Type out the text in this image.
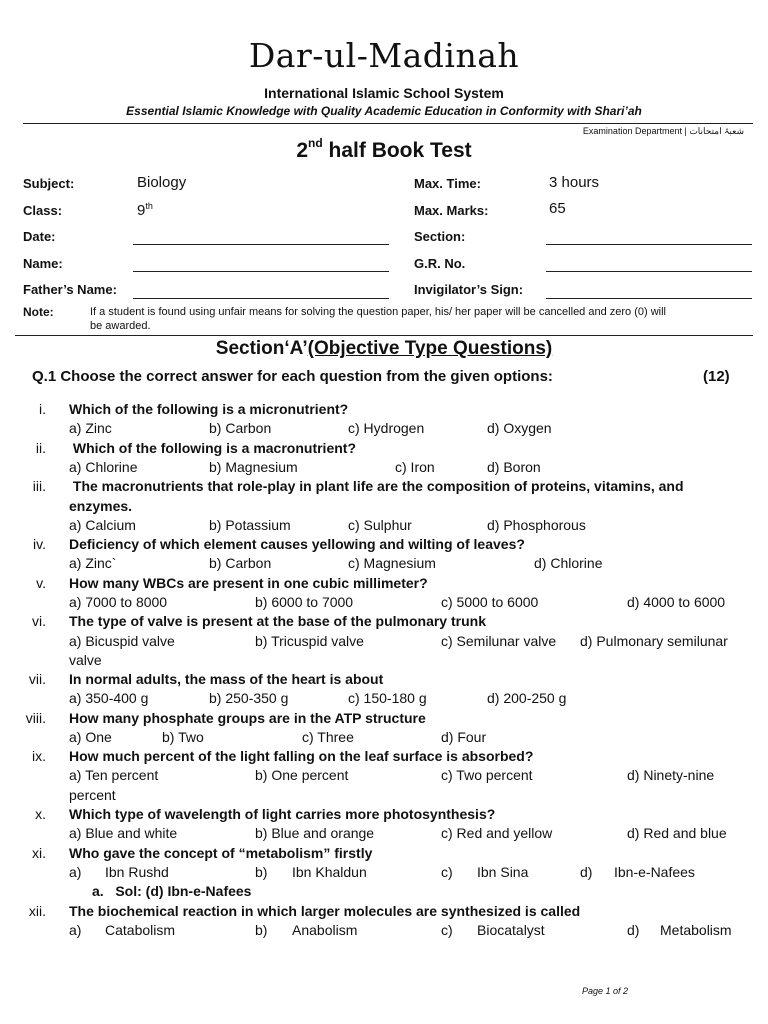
Dar-ul-Madinah
International Islamic School System
Essential Islamic Knowledge with Quality Academic Education in Conformity with Shari’ah
Examination Department | شعبۂ امتحانات
2nd half Book Test
Subject:	Biology
Class:	9th
Date:
Name:
Father’s Name:
Max. Time:	3 hours
Max. Marks:	65
Section:
G.R. No.
Invigilator’s Sign:
Note:	If a student is found using unfair means for solving the question paper, his/ her paper will be cancelled and zero (0) will
be awarded.
Section‘A’(Objective Type Questions)
Q.1 Choose the correct answer for each question from the given options:	(12)
i. Which of the following is a micronutrient?
a) Zinc	b) Carbon	c) Hydrogen	d) Oxygen
ii. Which of the following is a macronutrient?
a) Chlorine	b) Magnesium	c) Iron	d) Boron
iii. The macronutrients that role-play in plant life are the composition of proteins, vitamins, and
enzymes.
a) Calcium	b) Potassium	c) Sulphur	d) Phosphorous
iv. Deficiency of which element causes yellowing and wilting of leaves?
a) Zinc`	b) Carbon	c) Magnesium	d) Chlorine
v. How many WBCs are present in one cubic millimeter?
a) 7000 to 8000	b) 6000 to 7000	c) 5000 to 6000	d) 4000 to 6000
vi. The type of valve is present at the base of the pulmonary trunk
a) Bicuspid valve	b) Tricuspid valve	c) Semilunar valve d) Pulmonary semilunar
valve
vii. In normal adults, the mass of the heart is about
a) 350-400 g	b) 250-350 g	c) 150-180 g	d) 200-250 g
viii. How many phosphate groups are in the ATP structure
a) One	b) Two	c) Three	d) Four
ix. How much percent of the light falling on the leaf surface is absorbed?
a) Ten percent	b) One percent	c) Two percent	d) Ninety-nine
percent
x. Which type of wavelength of light carries more photosynthesis?
a) Blue and white	b) Blue and orange	c) Red and yellow	d) Red and blue
xi. Who gave the concept of “metabolism” firstly
a) Ibn Rushd	b) Ibn Khaldun	c) Ibn Sina	d) Ibn-e-Nafees
a.   Sol: (d) Ibn-e-Nafees
xii. The biochemical reaction in which larger molecules are synthesized is called
a) Catabolism	b) Anabolism	c) Biocatalyst	d) Metabolism
Page 1 of 2
